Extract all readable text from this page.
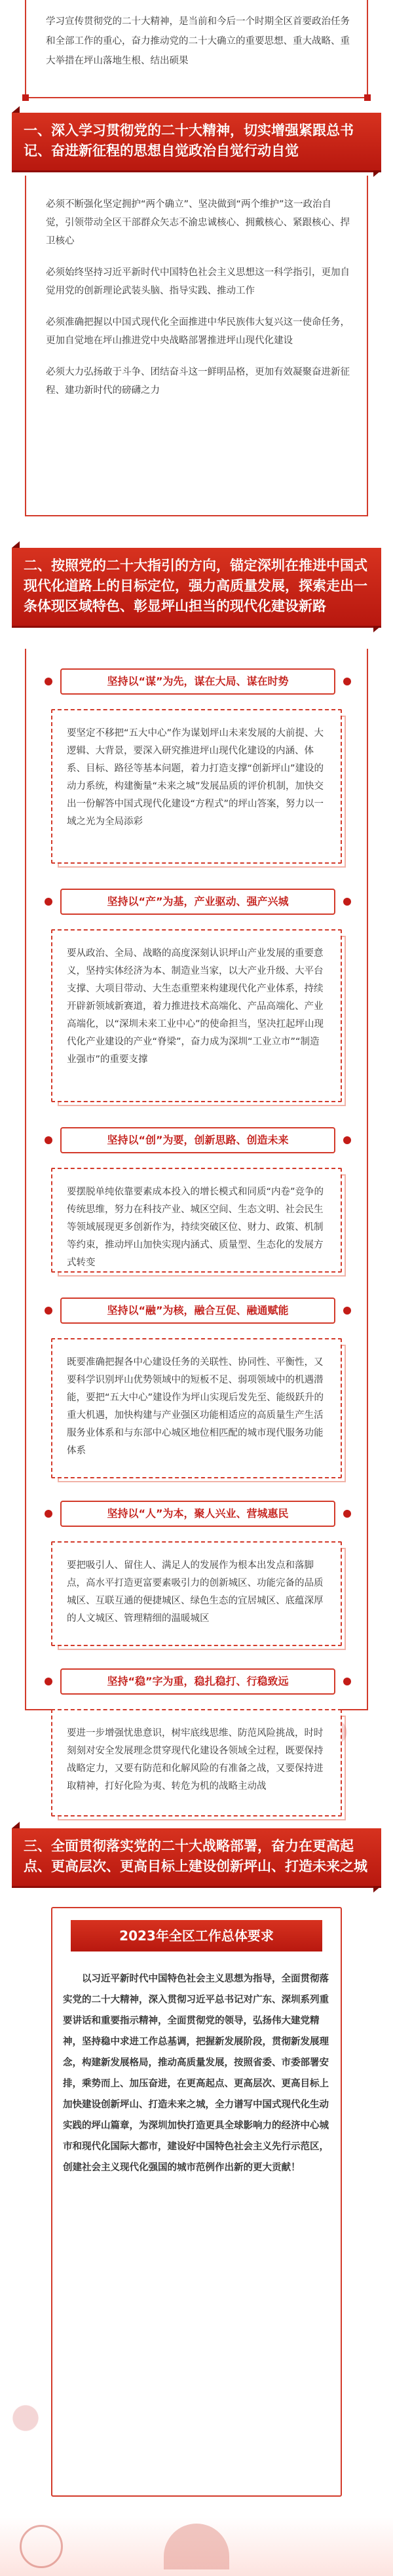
学习宣传贯彻党的二十大精神，是当前和今后一个时期全区首要政治任务和全部工作的重心，奋力推动党的二十大确立的重要思想、重大战略、重大举措在坪山落地生根、结出硕果
一、深入学习贯彻党的二十大精神，切实增强紧跟总书记、奋进新征程的思想自觉政治自觉行动自觉

必须不断强化坚定拥护“两个确立”、坚决做到“两个维护”这一政治自觉，引领带动全区干部群众矢志不渝忠诚核心、拥戴核心、紧跟核心、捍卫核心

必须始终坚持习近平新时代中国特色社会主义思想这一科学指引，更加自觉用党的创新理论武装头脑、指导实践、推动工作

必须准确把握以中国式现代化全面推进中华民族伟大复兴这一使命任务，更加自觉地在坪山推进党中央战略部署推进坪山现代化建设

必须大力弘扬敢于斗争、团结奋斗这一鲜明品格，更加有效凝聚奋进新征程、建功新时代的磅礴之力

二、按照党的二十大指引的方向，锚定深圳在推进中国式现代化道路上的目标定位，强力高质量发展，探索走出一条体现区域特色、彰显坪山担当的现代化建设新路
坚持以“谋”为先，谋在大局、谋在时势
要坚定不移把“五大中心”作为谋划坪山未来发展的大前提、大逻辑、大背景，要深入研究推进坪山现代化建设的内涵、体系、目标、路径等基本问题，着力打造支撑“创新坪山”建设的动力系统，构建衡量“未来之城”发展品质的评价机制，加快交出一份解答中国式现代化建设“方程式”的坪山答案，努力以一域之光为全局添彩
坚持以“产”为基，产业驱动、强产兴城
要从政治、全局、战略的高度深刻认识坪山产业发展的重要意义，坚持实体经济为本、制造业当家，以大产业升级、大平台支撑、大项目带动、大生态重塑来构建现代化产业体系，持续开辟新领域新赛道，着力推进技术高端化、产品高端化、产业高端化，以“深圳未来工业中心”的使命担当，坚决扛起坪山现代化产业建设的产业“脊梁”，奋力成为深圳“工业立市”“制造业强市”的重要支撑
坚持以“创”为要，创新思路、创造未来
要摆脱单纯依靠要素成本投入的增长模式和同质“内卷”竞争的传统思维，努力在科技产业、城区空间、生态文明、社会民生等领域展现更多创新作为，持续突破区位、财力、政策、机制等约束，推动坪山加快实现内涵式、质量型、生态化的发展方式转变
坚持以“融”为核，融合互促、融通赋能
既要准确把握各中心建设任务的关联性、协同性、平衡性，又要科学识别坪山优势领域中的短板不足、弱项领域中的机遇潜能，要把“五大中心”建设作为坪山实现后发先至、能级跃升的重大机遇，加快构建与产业强区功能相适应的高质量生产生活服务业体系和与东部中心城区地位相匹配的城市现代服务功能体系
坚持以“人”为本，聚人兴业、营城惠民
要把吸引人、留住人、满足人的发展作为根本出发点和落脚点，高水平打造更富要素吸引力的创新城区、功能完备的品质城区、互联互通的便捷城区、绿色生态的宜居城区、底蕴深厚的人文城区、管理精细的温暖城区
坚持“稳”字为重，稳扎稳打、行稳致远
要进一步增强忧患意识，树牢底线思维、防范风险挑战，时时刻刻对安全发展理念贯穿现代化建设各领域全过程，既要保持战略定力，又要有防范和化解风险的有准备之战，又要保持进取精神，打好化险为夷、转危为机的战略主动战
三、全面贯彻落实党的二十大战略部署，奋力在更高起点、更高层次、更高目标上建设创新坪山、打造未来之城
2023年全区工作总体要求
以习近平新时代中国特色社会主义思想为指导，全面贯彻落实党的二十大精神，深入贯彻习近平总书记对广东、深圳系列重要讲话和重要指示精神，全面贯彻党的领导，弘扬伟大建党精神，坚持稳中求进工作总基调，把握新发展阶段，贯彻新发展理念，构建新发展格局，推动高质量发展，按照省委、市委部署安排，乘势而上、加压奋进，在更高起点、更高层次、更高目标上加快建设创新坪山、打造未来之城，全力谱写中国式现代化生动实践的坪山篇章，为深圳加快打造更具全球影响力的经济中心城市和现代化国际大都市，建设好中国特色社会主义先行示范区，创建社会主义现代化强国的城市范例作出新的更大贡献！
